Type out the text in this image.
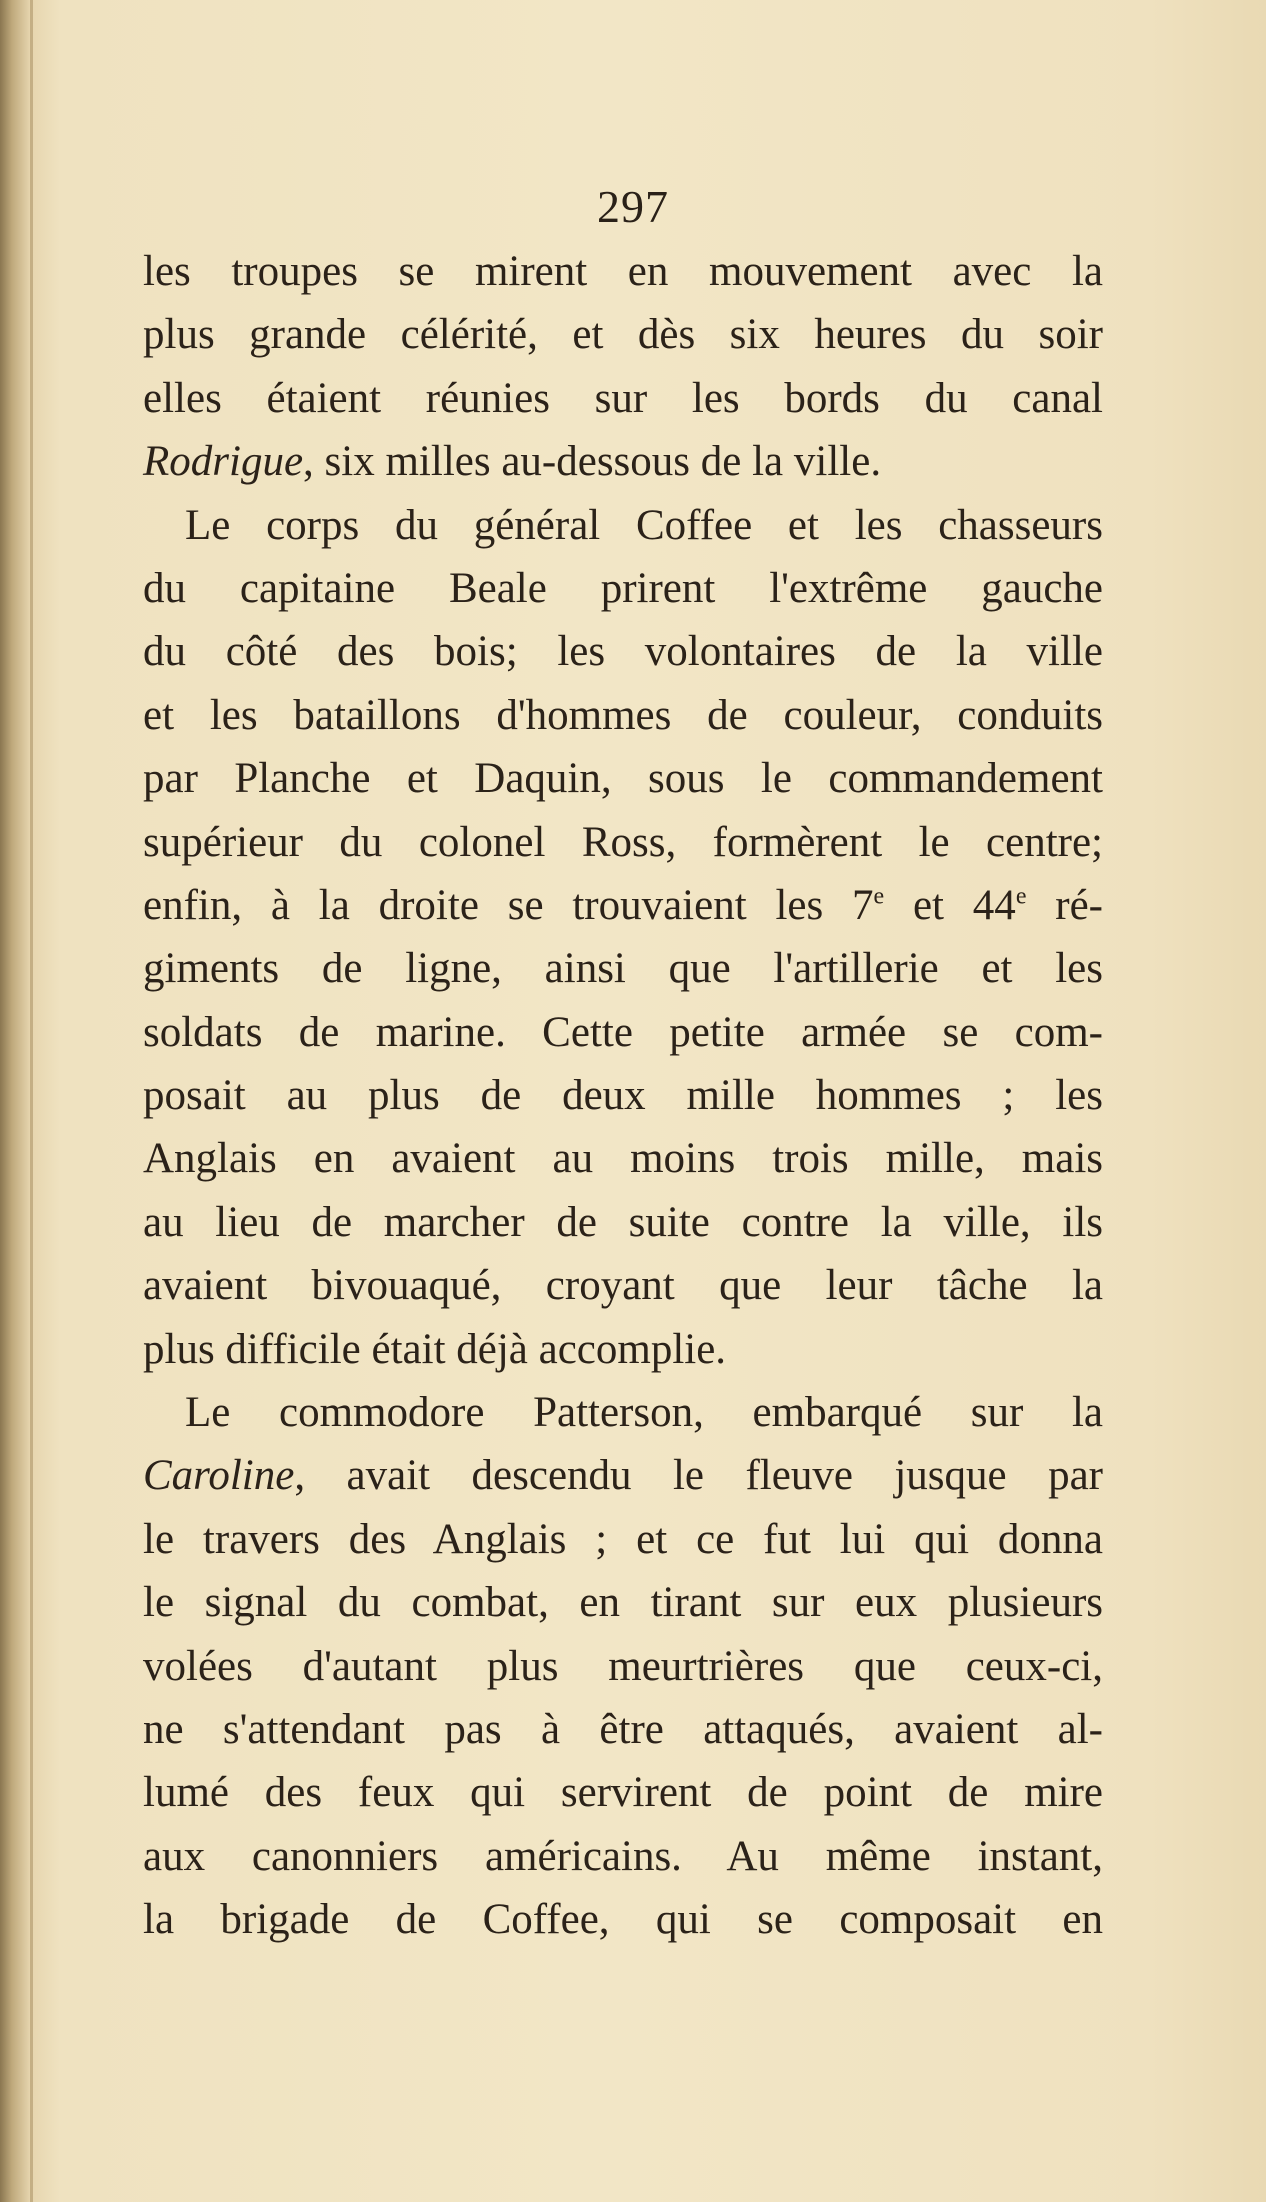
297
les troupes se mirent en mouvement avec la
plus grande célérité, et dès six heures du soir
elles étaient réunies sur les bords du canal
Rodrigue, six milles au-dessous de la ville.
Le corps du général Coffee et les chasseurs
du capitaine Beale prirent l'extrême gauche
du côté des bois; les volontaires de la ville
et les bataillons d'hommes de couleur, conduits
par Planche et Daquin, sous le commandement
supérieur du colonel Ross, formèrent le centre;
enfin, à la droite se trouvaient les 7e et 44e ré-
giments de ligne, ainsi que l'artillerie et les
soldats de marine. Cette petite armée se com-
posait au plus de deux mille hommes ; les
Anglais en avaient au moins trois mille, mais
au lieu de marcher de suite contre la ville, ils
avaient bivouaqué, croyant que leur tâche la
plus difficile était déjà accomplie.
Le commodore Patterson, embarqué sur la
Caroline, avait descendu le fleuve jusque par
le travers des Anglais ; et ce fut lui qui donna
le signal du combat, en tirant sur eux plusieurs
volées d'autant plus meurtrières que ceux-ci,
ne s'attendant pas à être attaqués, avaient al-
lumé des feux qui servirent de point de mire
aux canonniers américains. Au même instant,
la brigade de Coffee, qui se composait en
